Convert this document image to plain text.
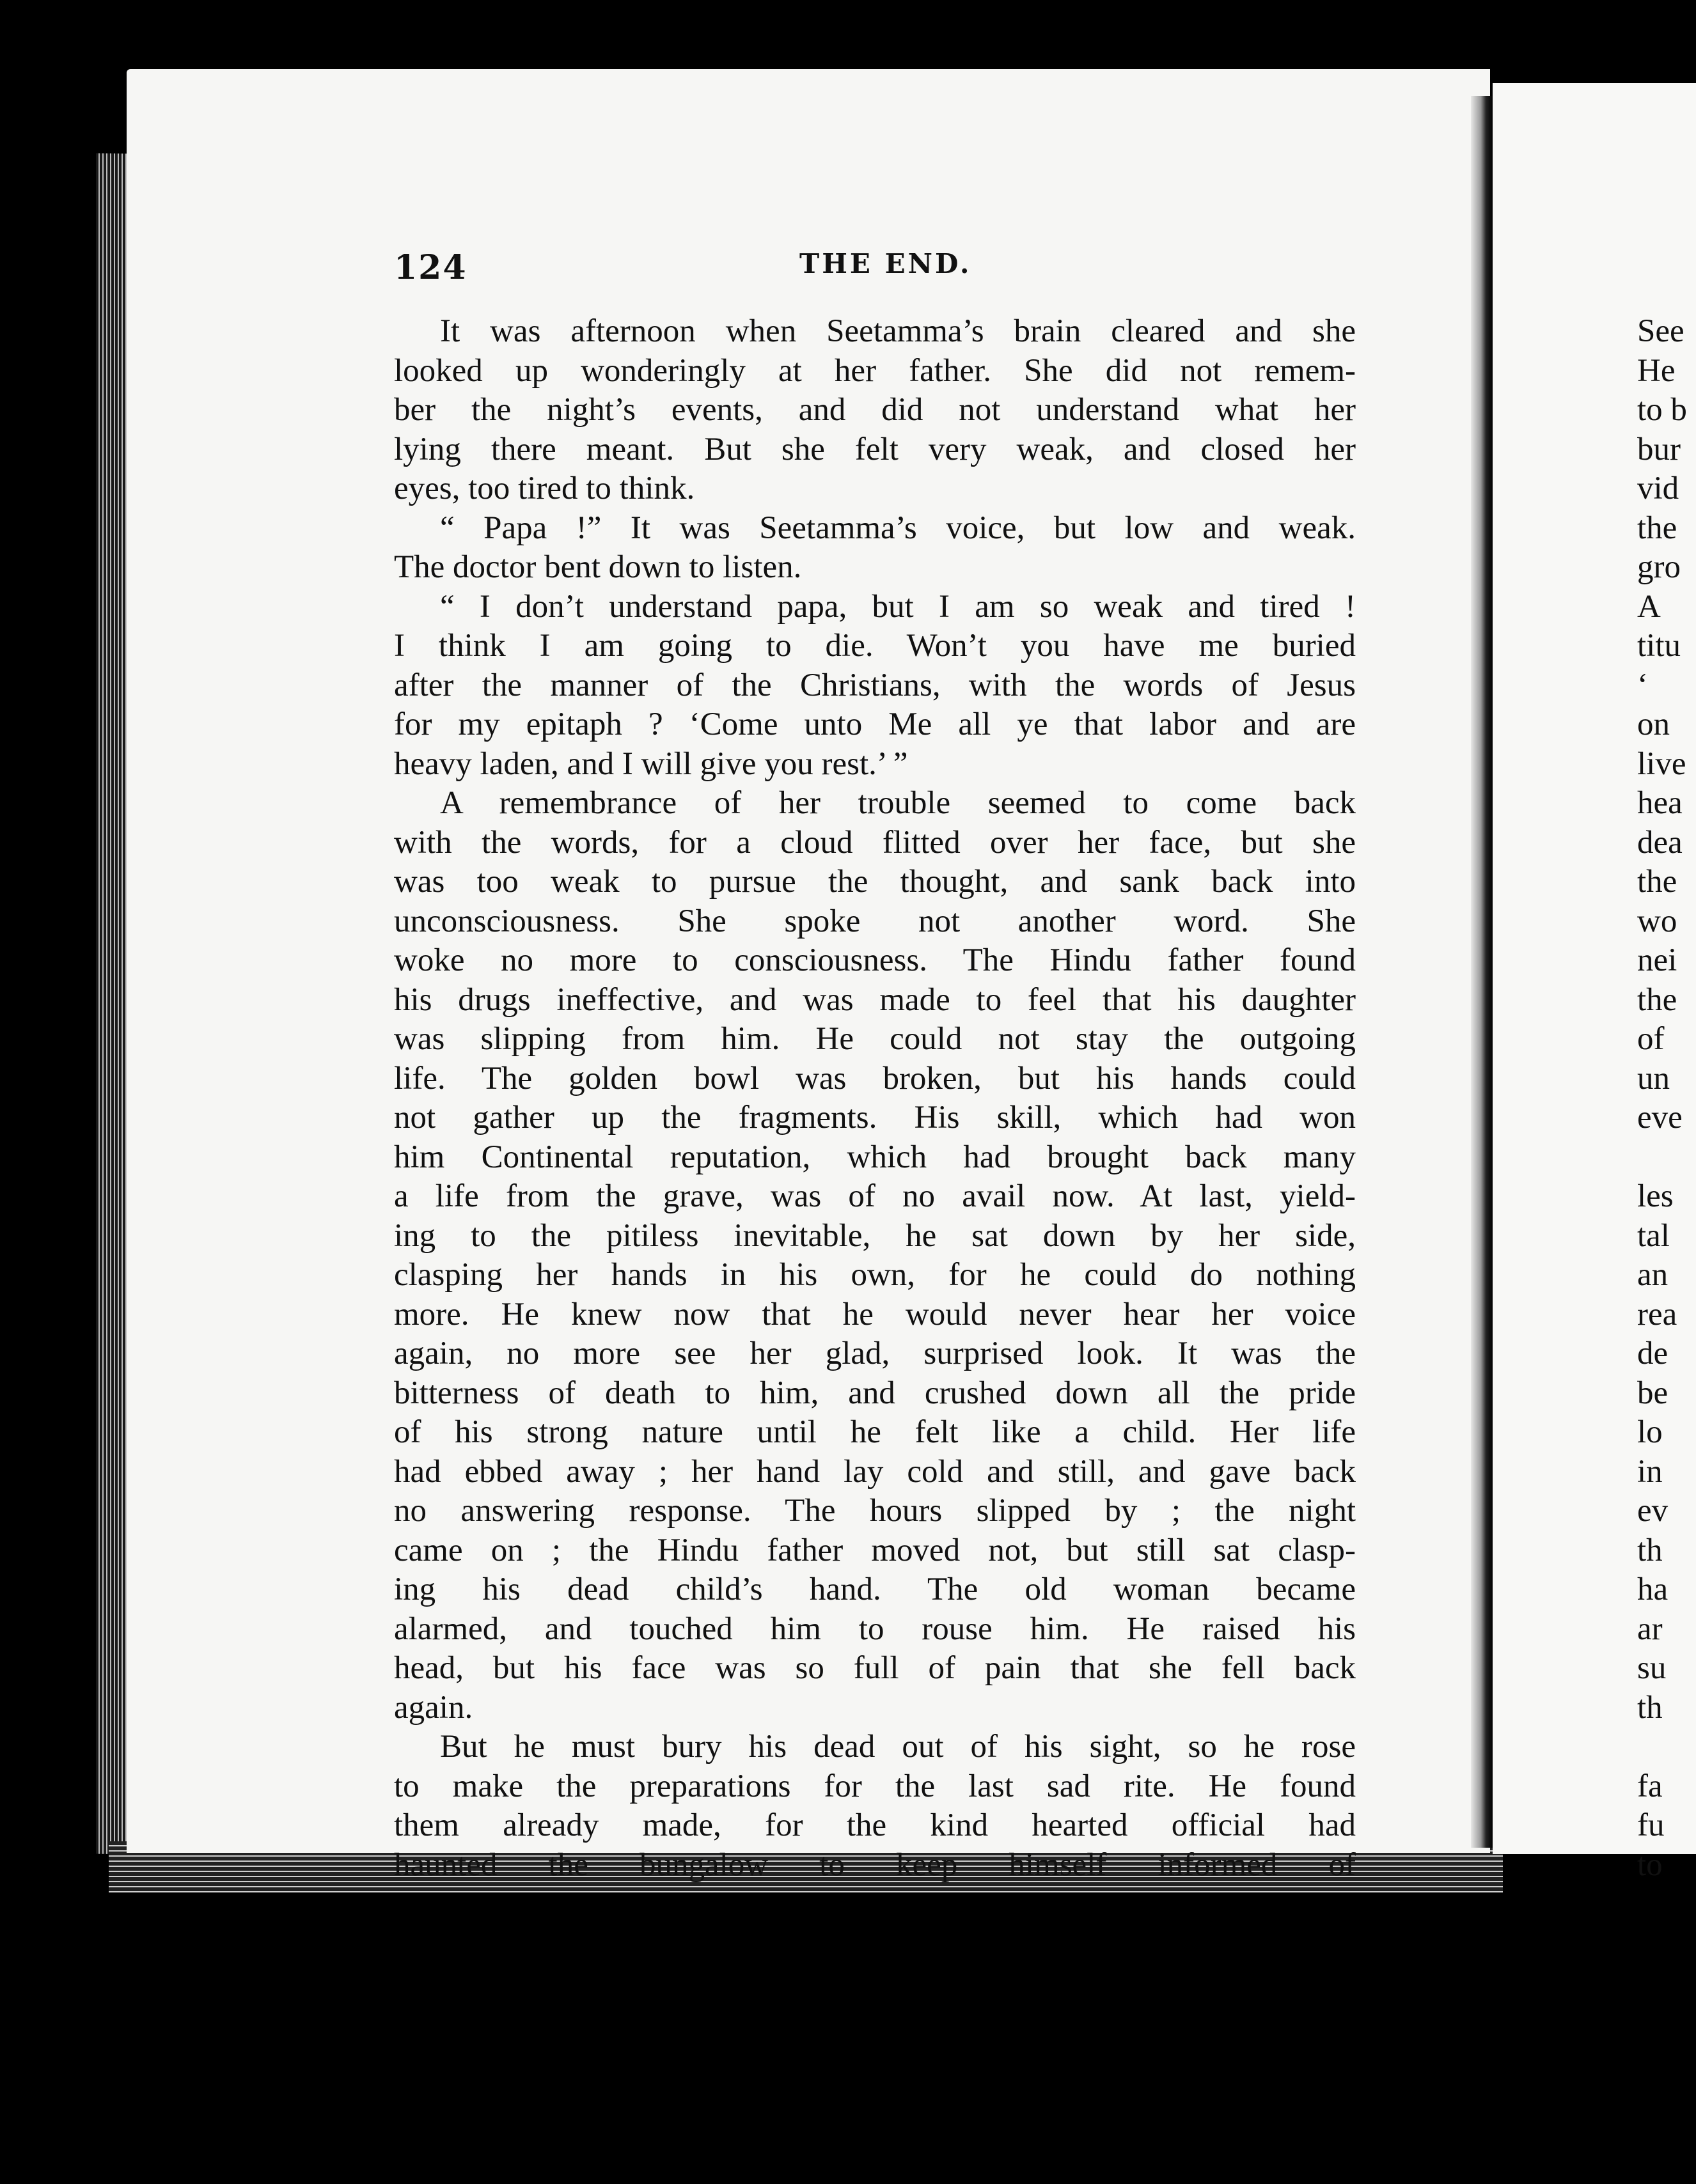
124	THE END.
It was afternoon when Seetamma’s brain cleared and she
looked up wonderingly at her father. She did not remem-
ber the night’s events, and did not understand what her
lying there meant. But she felt very weak, and closed her
eyes, too tired to think.
“ Papa !” It was Seetamma’s voice, but low and weak.
The doctor bent down to listen.
“ I don’t understand papa, but I am so weak and tired !
I think I am going to die. Won’t you have me buried
after the manner of the Christians, with the words of Jesus
for my epitaph ? ‘Come unto Me all ye that labor and are
heavy laden, and I will give you rest.’ ”
A remembrance of her trouble seemed to come back
with the words, for a cloud flitted over her face, but she
was too weak to pursue the thought, and sank back into
unconsciousness. She spoke not another word. She
woke no more to consciousness. The Hindu father found
his drugs ineffective, and was made to feel that his daughter
was slipping from him. He could not stay the outgoing
life. The golden bowl was broken, but his hands could
not gather up the fragments. His skill, which had won
him Continental reputation, which had brought back many
a life from the grave, was of no avail now. At last, yield-
ing to the pitiless inevitable, he sat down by her side,
clasping her hands in his own, for he could do nothing
more. He knew now that he would never hear her voice
again, no more see her glad, surprised look. It was the
bitterness of death to him, and crushed down all the pride
of his strong nature until he felt like a child. Her life
had ebbed away ; her hand lay cold and still, and gave back
no answering response. The hours slipped by ; the night
came on ; the Hindu father moved not, but still sat clasp-
ing his dead child’s hand. The old woman became
alarmed, and touched him to rouse him. He raised his
head, but his face was so full of pain that she fell back
again.
But he must bury his dead out of his sight, so he rose
to make the preparations for the last sad rite. He found
them already made, for the kind hearted official had
haunted the bungalow to keep himself informed of
See
He
to b
bur
vid
the
gro
A
titu
‘
on
live
hea
dea
the
wo
nei
the
of
un
eve
les
tal
an
rea
de
be
lo
in
ev
th
ha
ar
su
th
fa
fu
to
